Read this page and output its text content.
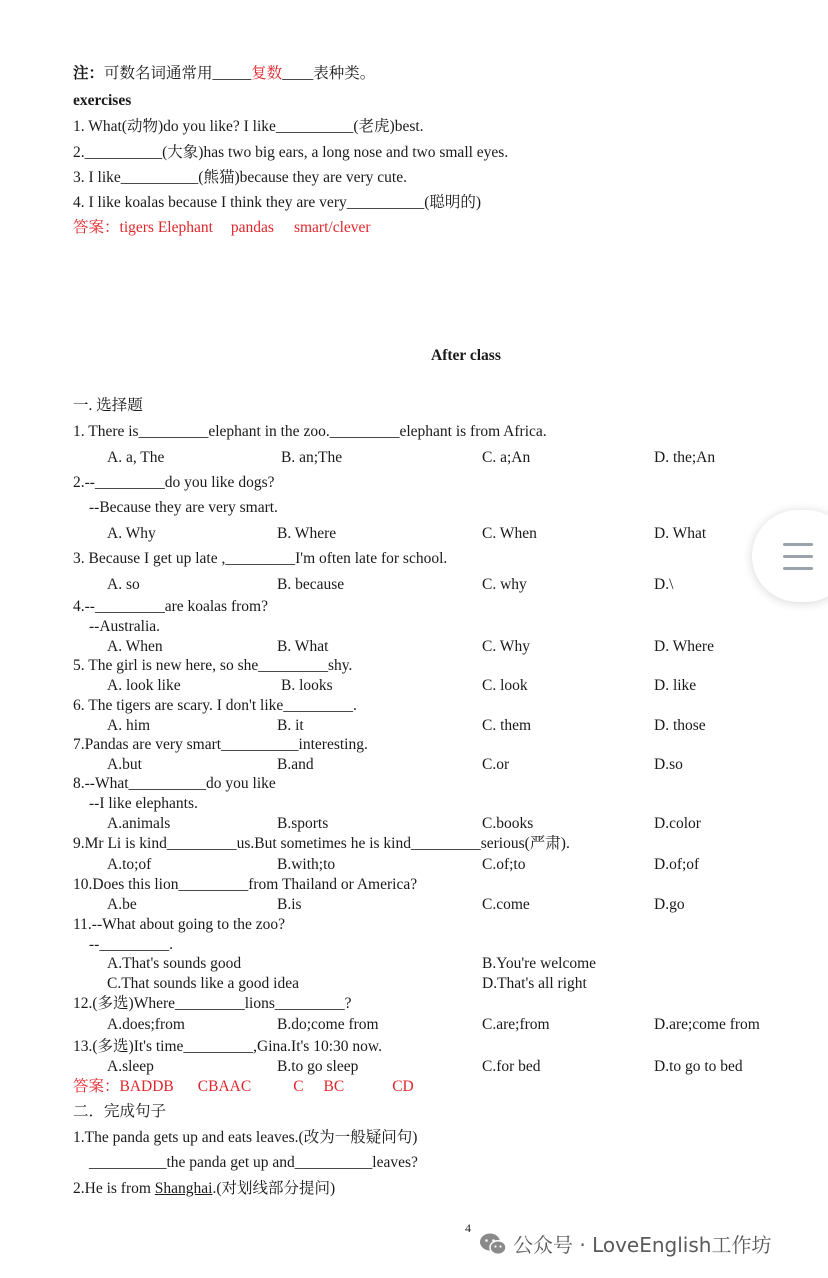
注：可数名词通常用_____复数____表种类。
exercises
1. What(动物)do you like? I like__________(老虎)best.
2.__________(大象)has two big ears, a long nose and two small eyes.
3. I like__________(熊猫)because they are very cute.
4. I like koalas because I think they are very__________(聪明的)
答案：tigers Elephant pandas smart/clever
After class
一. 选择题
1. There is_________elephant in the zoo._________elephant is from Africa.
A. a, The	B. an;The	C. a;An	D. the;An
2.--_________do you like dogs?
--Because they are very smart.
A. Why	B. Where	C. When	D. What
3. Because I get up late ,_________I'm often late for school.
A. so	B. because	C. why	D.\
4.--_________are koalas from?
--Australia.
A. When	B. What	C. Why	D. Where
5. The girl is new here, so she_________shy.
A. look like	B. looks	C. look	D. like
6. The tigers are scary. I don't like_________.
A. him	B. it	C. them	D. those
7.Pandas are very smart__________interesting.
A.but	B.and	C.or	D.so
8.--What__________do you like
--I like elephants.
A.animals	B.sports	C.books	D.color
9.Mr Li is kind_________us.But sometimes he is kind_________serious(严肃).
A.to;of	B.with;to	C.of;to	D.of;of
10.Does this lion_________from Thailand or America?
A.be	B.is	C.come	D.go
11.--What about going to the zoo?
--_________.
A.That's sounds good	B.You're welcome
C.That sounds like a good idea	D.That's all right
12.(多选)Where_________lions_________?
A.does;from	B.do;come from	C.are;from	D.are;come from
13.(多选)It's time_________,Gina.It's 10:30 now.
A.sleep	B.to go sleep	C.for bed	D.to go to bed
答案：BADDB CBAAC	C BC	CD
二．完成句子
1.The panda gets up and eats leaves.(改为一般疑问句)
__________the panda get up and__________leaves?
2.He is from Shanghai.(对划线部分提问)
4
公众号 · LoveEnglish工作坊
